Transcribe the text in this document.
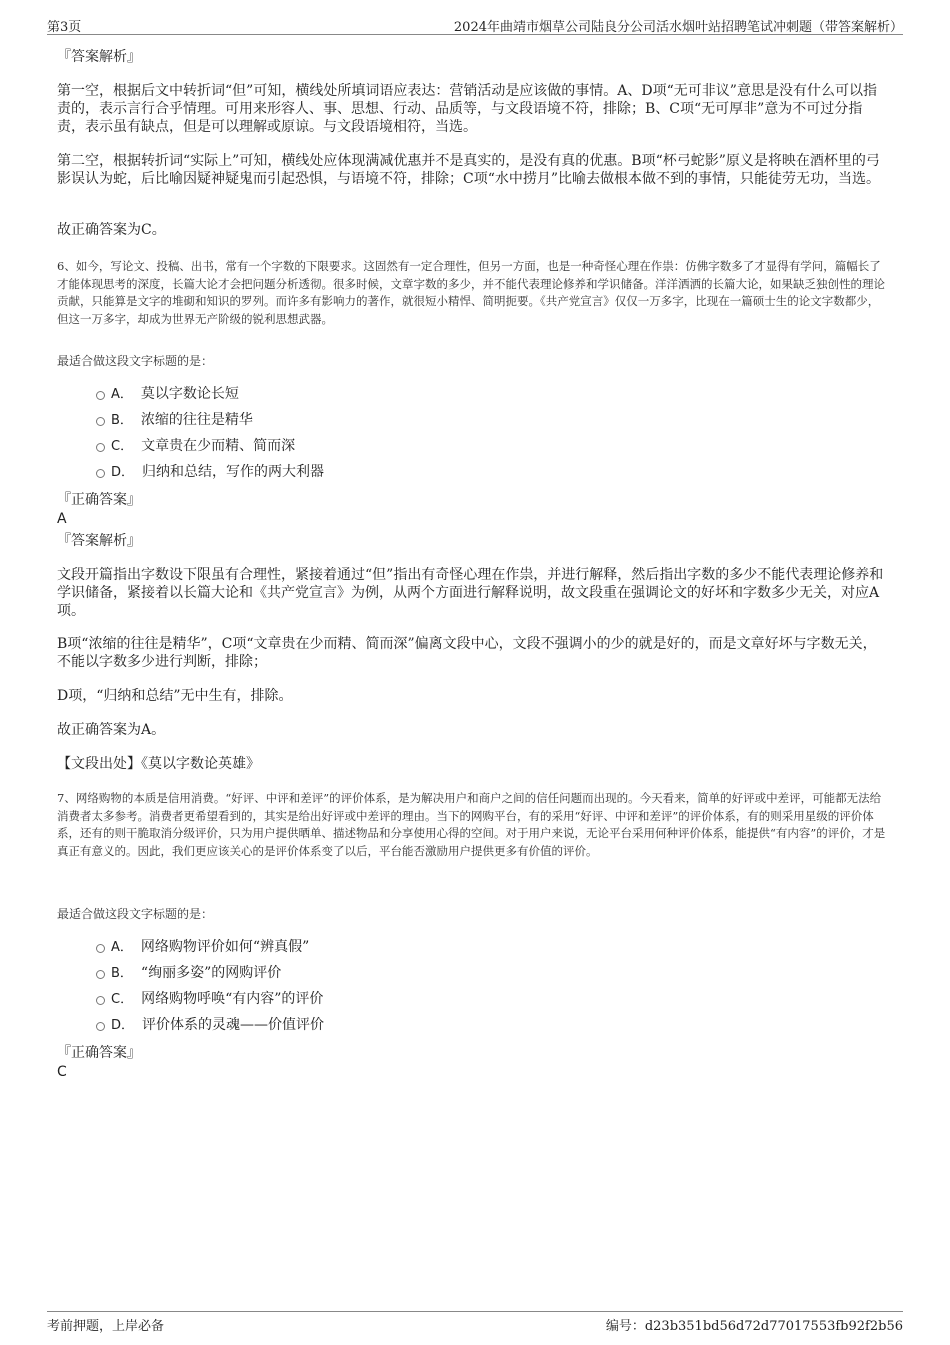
第3页	2024年曲靖市烟草公司陆良分公司活水烟叶站招聘笔试冲刺题（带答案解析）
『答案解析』
第一空，根据后文中转折词“但”可知，横线处所填词语应表达：营销活动是应该做的事情。A、D项“无可非议”意思是没有什么可以指责的，表示言行合乎情理。可用来形容人、事、思想、行动、品质等，与文段语境不符，排除；B、C项“无可厚非”意为不可过分指责，表示虽有缺点，但是可以理解或原谅。与文段语境相符，当选。
第二空，根据转折词“实际上”可知，横线处应体现满减优惠并不是真实的，是没有真的优惠。B项“杯弓蛇影”原义是将映在酒杯里的弓影误认为蛇，后比喻因疑神疑鬼而引起恐惧，与语境不符，排除；C项“水中捞月”比喻去做根本做不到的事情，只能徒劳无功，当选。
故正确答案为C。
6、如今，写论文、投稿、出书，常有一个字数的下限要求。这固然有一定合理性，但另一方面，也是一种奇怪心理在作祟：仿佛字数多了才显得有学问，篇幅长了才能体现思考的深度，长篇大论才会把问题分析透彻。很多时候，文章字数的多少，并不能代表理论修养和学识储备。洋洋洒洒的长篇大论，如果缺乏独创性的理论贡献，只能算是文字的堆砌和知识的罗列。而许多有影响力的著作，就很短小精悍、简明扼要。《共产党宣言》仅仅一万多字，比现在一篇硕士生的论文字数都少，但这一万多字，却成为世界无产阶级的锐利思想武器。
最适合做这段文字标题的是：
A． 莫以字数论长短
B． 浓缩的往往是精华
C． 文章贵在少而精、简而深
D． 归纳和总结，写作的两大利器
『正确答案』
A
『答案解析』
文段开篇指出字数设下限虽有合理性，紧接着通过“但”指出有奇怪心理在作祟，并进行解释，然后指出字数的多少不能代表理论修养和学识储备，紧接着以长篇大论和《共产党宣言》为例，从两个方面进行解释说明，故文段重在强调论文的好坏和字数多少无关，对应A项。
B项“浓缩的往往是精华”，C项“文章贵在少而精、简而深”偏离文段中心，文段不强调小的少的就是好的，而是文章好坏与字数无关，不能以字数多少进行判断，排除；
D项，“归纳和总结”无中生有，排除。
故正确答案为A。
【文段出处】《莫以字数论英雄》
7、网络购物的本质是信用消费。“好评、中评和差评”的评价体系，是为解决用户和商户之间的信任问题而出现的。今天看来，简单的好评或中差评，可能都无法给消费者太多参考。消费者更希望看到的，其实是给出好评或中差评的理由。当下的网购平台，有的采用“好评、中评和差评”的评价体系，有的则采用星级的评价体系，还有的则干脆取消分级评价，只为用户提供晒单、描述物品和分享使用心得的空间。对于用户来说，无论平台采用何种评价体系，能提供“有内容”的评价，才是真正有意义的。因此，我们更应该关心的是评价体系变了以后，平台能否激励用户提供更多有价值的评价。
最适合做这段文字标题的是：
A． 网络购物评价如何“辨真假”
B． “绚丽多姿”的网购评价
C． 网络购物呼唤“有内容”的评价
D． 评价体系的灵魂——价值评价
『正确答案』
C
考前押题，上岸必备	编号：d23b351bd56d72d77017553fb92f2b56
